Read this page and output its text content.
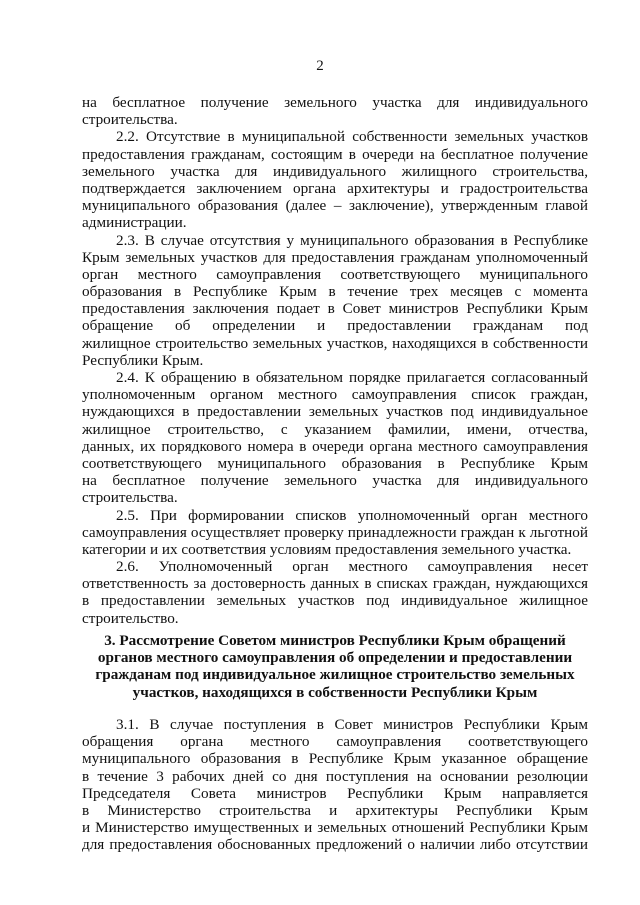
2
на бесплатное получение земельного участка для индивидуального
строительства.
2.2. Отсутствие в муниципальной собственности земельных участков
предоставления гражданам, состоящим в очереди на бесплатное получение
земельного участка для индивидуального жилищного строительства,
подтверждается заключением органа архитектуры и градостроительства
муниципального образования (далее – заключение), утвержденным главой
администрации.
2.3. В случае отсутствия у муниципального образования в Республике
Крым земельных участков для предоставления гражданам уполномоченный
орган местного самоуправления соответствующего муниципального
образования в Республике Крым в течение трех месяцев с момента
предоставления заключения подает в Совет министров Республики Крым
обращение об определении и предоставлении гражданам под
жилищное строительство земельных участков, находящихся в собственности
Республики Крым.
2.4. К обращению в обязательном порядке прилагается согласованный
уполномоченным органом местного самоуправления список граждан,
нуждающихся в предоставлении земельных участков под индивидуальное
жилищное строительство, с указанием фамилии, имени, отчества,
данных, их порядкового номера в очереди органа местного самоуправления
соответствующего муниципального образования в Республике Крым
на бесплатное получение земельного участка для индивидуального
строительства.
2.5. При формировании списков уполномоченный орган местного
самоуправления осуществляет проверку принадлежности граждан к льготной
категории и их соответствия условиям предоставления земельного участка.
2.6. Уполномоченный орган местного самоуправления несет
ответственность за достоверность данных в списках граждан, нуждающихся
в предоставлении земельных участков под индивидуальное жилищное
строительство.
3. Рассмотрение Советом министров Республики Крым обращений
органов местного самоуправления об определении и предоставлении
гражданам под индивидуальное жилищное строительство земельных
участков, находящихся в собственности Республики Крым
3.1. В случае поступления в Совет министров Республики Крым
обращения органа местного самоуправления соответствующего
муниципального образования в Республике Крым указанное обращение
в течение 3 рабочих дней со дня поступления на основании резолюции
Председателя Совета министров Республики Крым направляется
в Министерство строительства и архитектуры Республики Крым
и Министерство имущественных и земельных отношений Республики Крым
для предоставления обоснованных предложений о наличии либо отсутствии
